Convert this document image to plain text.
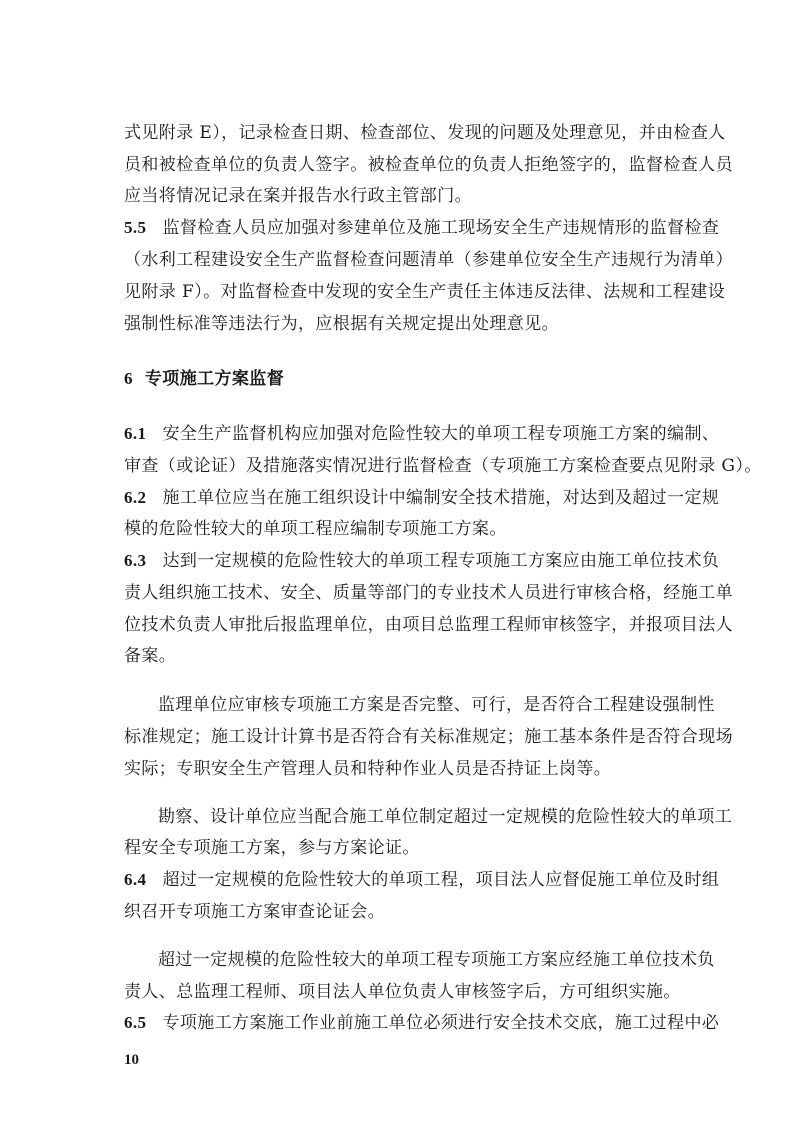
式见附录 E），记录检查日期、检查部位、发现的问题及处理意见，并由检查人
员和被检查单位的负责人签字。被检查单位的负责人拒绝签字的，监督检查人员
应当将情况记录在案并报告水行政主管部门。
5.5 监督检查人员应加强对参建单位及施工现场安全生产违规情形的监督检查
（水利工程建设安全生产监督检查问题清单（参建单位安全生产违规行为清单）
见附录 F）。对监督检查中发现的安全生产责任主体违反法律、法规和工程建设
强制性标准等违法行为，应根据有关规定提出处理意见。
6 专项施工方案监督
6.1 安全生产监督机构应加强对危险性较大的单项工程专项施工方案的编制、
审查（或论证）及措施落实情况进行监督检查（专项施工方案检查要点见附录 G）。
6.2 施工单位应当在施工组织设计中编制安全技术措施，对达到及超过一定规
模的危险性较大的单项工程应编制专项施工方案。
6.3 达到一定规模的危险性较大的单项工程专项施工方案应由施工单位技术负
责人组织施工技术、安全、质量等部门的专业技术人员进行审核合格，经施工单
位技术负责人审批后报监理单位，由项目总监理工程师审核签字，并报项目法人
备案。
监理单位应审核专项施工方案是否完整、可行，是否符合工程建设强制性
标准规定；施工设计计算书是否符合有关标准规定；施工基本条件是否符合现场
实际；专职安全生产管理人员和特种作业人员是否持证上岗等。
勘察、设计单位应当配合施工单位制定超过一定规模的危险性较大的单项工
程安全专项施工方案，参与方案论证。
6.4 超过一定规模的危险性较大的单项工程，项目法人应督促施工单位及时组
织召开专项施工方案审查论证会。
超过一定规模的危险性较大的单项工程专项施工方案应经施工单位技术负
责人、总监理工程师、项目法人单位负责人审核签字后，方可组织实施。
6.5 专项施工方案施工作业前施工单位必须进行安全技术交底，施工过程中必
10
